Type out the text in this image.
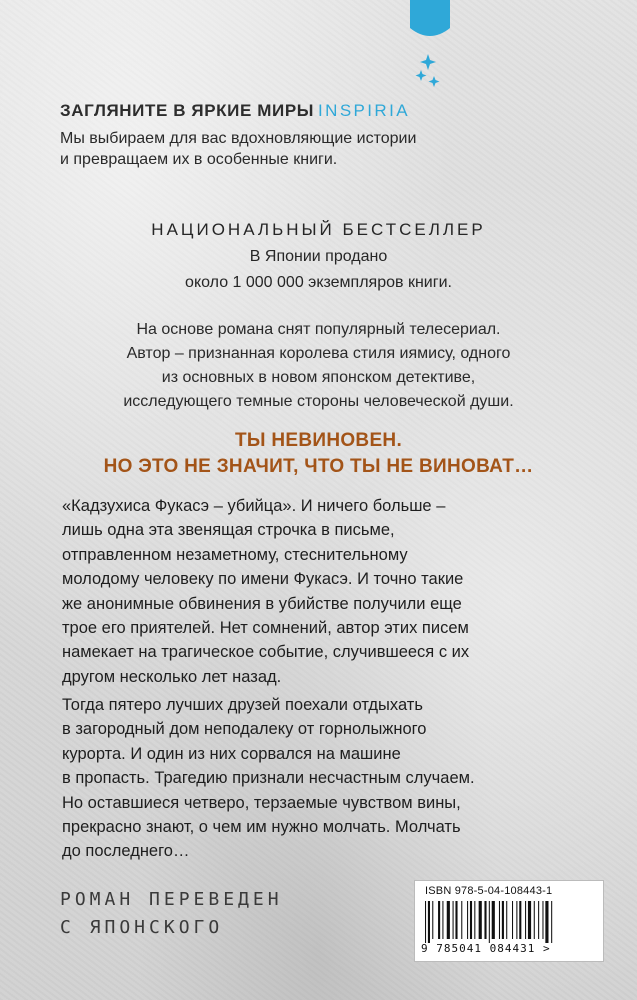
ЗАГЛЯНИТЕ В ЯРКИЕ МИРЫ INSPIRIA
Мы выбираем для вас вдохновляющие истории
и превращаем их в особенные книги.
НАЦИОНАЛЬНЫЙ БЕСТСЕЛЛЕР
В Японии продано
около 1 000 000 экземпляров книги.
На основе романа снят популярный телесериал.
Автор – признанная королева стиля иямису, одного
из основных в новом японском детективе,
исследующего темные стороны человеческой души.
ТЫ НЕВИНОВЕН.
НО ЭТО НЕ ЗНАЧИТ, ЧТО ТЫ НЕ ВИНОВАТ…
«Кадзухиса Фукасэ – убийца». И ничего больше –
лишь одна эта звенящая строчка в письме,
отправленном незаметному, стеснительному
молодому человеку по имени Фукасэ. И точно такие
же анонимные обвинения в убийстве получили еще
трое его приятелей. Нет сомнений, автор этих писем
намекает на трагическое событие, случившееся с их
другом несколько лет назад.
Тогда пятеро лучших друзей поехали отдыхать
в загородный дом неподалеку от горнолыжного
курорта. И один из них сорвался на машине
в пропасть. Трагедию признали несчастным случаем.
Но оставшиеся четверо, терзаемые чувством вины,
прекрасно знают, о чем им нужно молчать. Молчать
до последнего…
РОМАН ПЕРЕВЕДЕН
С ЯПОНСКОГО
ISBN 978-5-04-108443-1
9 785041 084431 >
